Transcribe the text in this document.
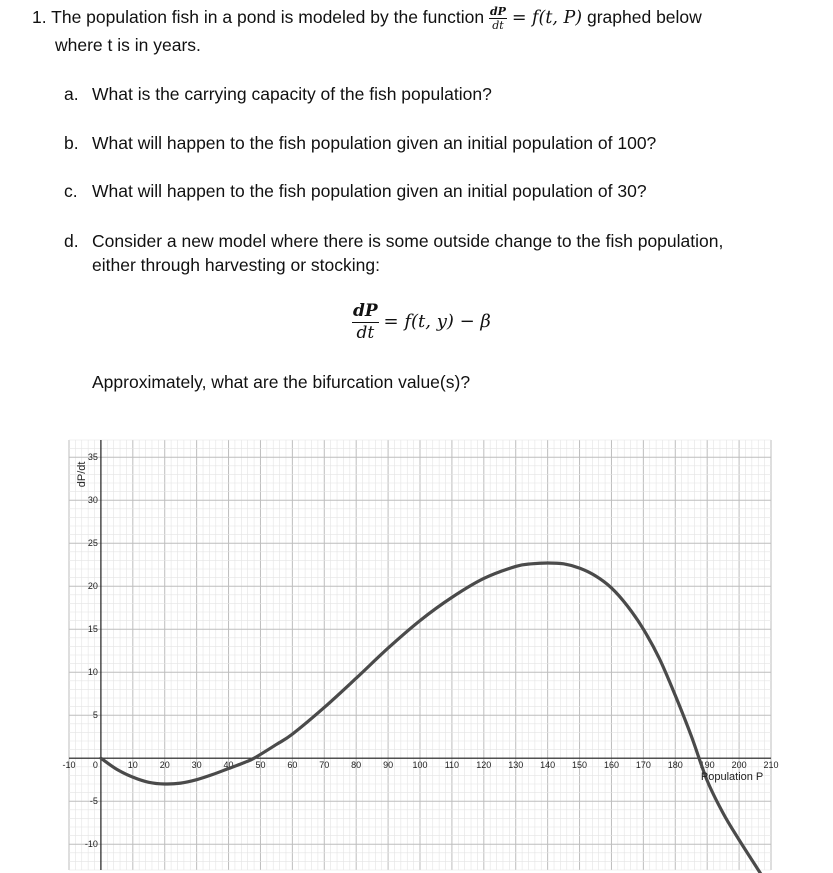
1. The population fish in a pond is modeled by the function $\frac{dP}{dt} = f(t$, P) graphed below
where t is in years.
a. What is the carrying capacity of the fish population?
b. What will happen to the fish population given an initial population of 100?
c. What will happen to the fish population given an initial population of 30?
d. Consider a new model where there is some outside change to the fish population,
either through harvesting or stocking:
$\frac{dP}{dt} = f(t$, y) − β
Approximately, what are the bifurcation value(s)?
-10 0	10 20 30 40 50 60 70 80 90 100 110 120 130 140 150 160 170 180 190 200 210
35
30
25
20
15
10
5
-5
-10
Population P
dP/dt
